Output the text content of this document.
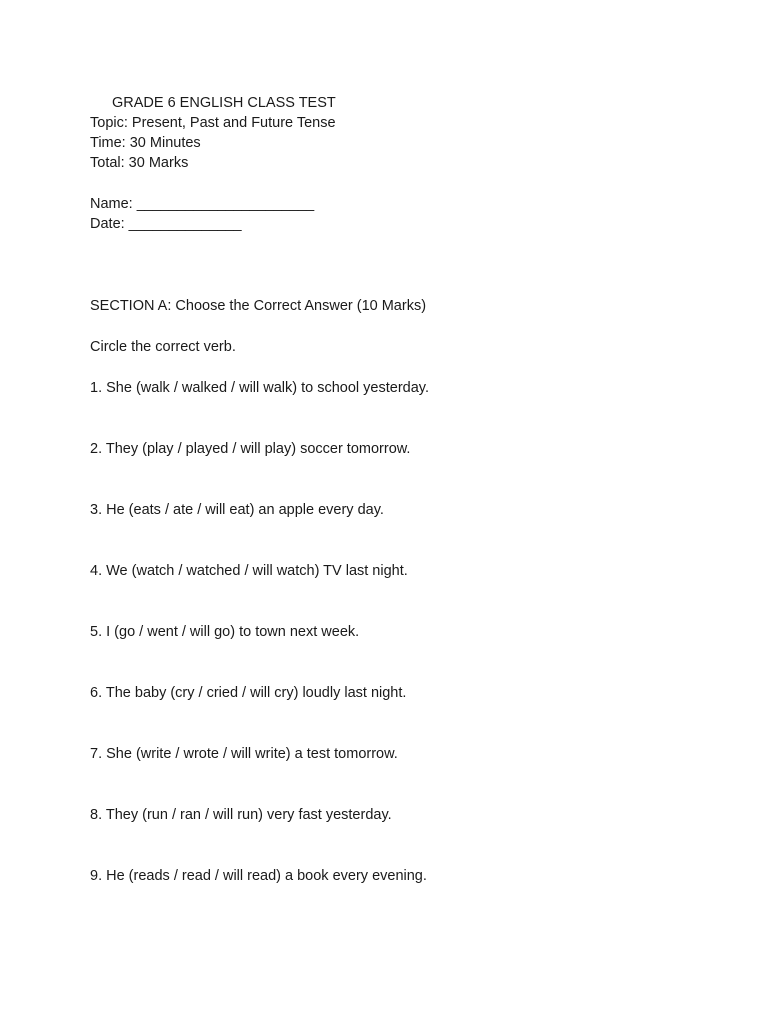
GRADE 6 ENGLISH CLASS TEST
Topic: Present, Past and Future Tense
Time: 30 Minutes
Total: 30 Marks
Name: ______________________
Date: ______________
SECTION A: Choose the Correct Answer (10 Marks)
Circle the correct verb.
1. She (walk / walked / will walk) to school yesterday.
2. They (play / played / will play) soccer tomorrow.
3. He (eats / ate / will eat) an apple every day.
4. We (watch / watched / will watch) TV last night.
5. I (go / went / will go) to town next week.
6. The baby (cry / cried / will cry) loudly last night.
7. She (write / wrote / will write) a test tomorrow.
8. They (run / ran / will run) very fast yesterday.
9. He (reads / read / will read) a book every evening.
